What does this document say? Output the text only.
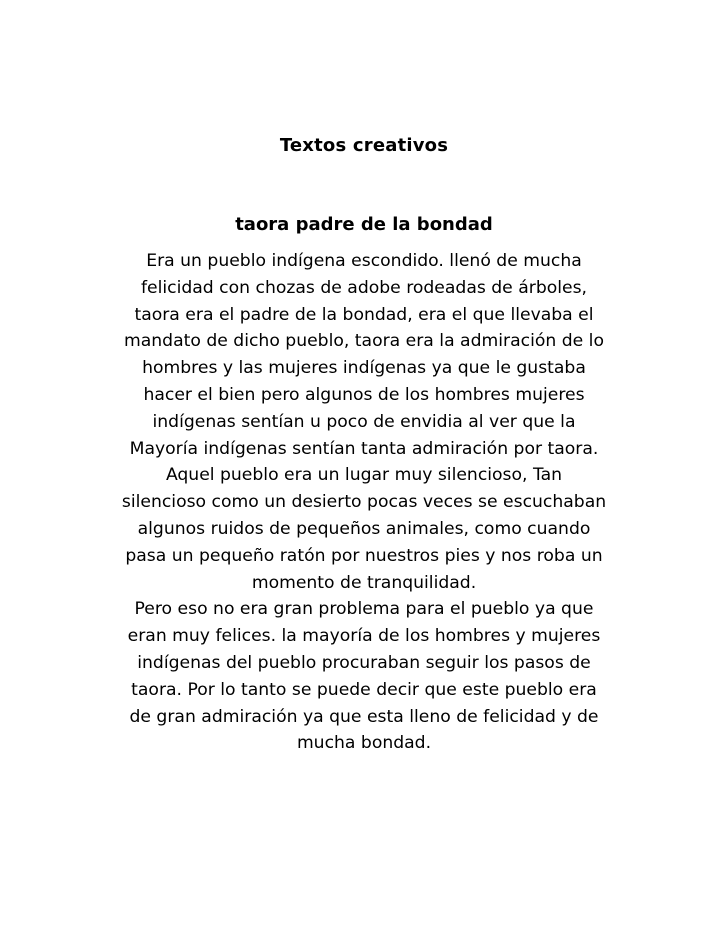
Textos creativos
taora padre de la bondad
Era un pueblo indígena escondido. llenó de mucha
felicidad con chozas de adobe rodeadas de árboles,
taora era el padre de la bondad, era el que llevaba el
mandato de dicho pueblo, taora era la admiración de lo
hombres y las mujeres indígenas ya que le gustaba
hacer el bien pero algunos de los hombres mujeres
indígenas sentían u poco de envidia al ver que la
Mayoría indígenas sentían tanta admiración por taora.
Aquel pueblo era un lugar muy silencioso, Tan
silencioso como un desierto pocas veces se escuchaban
algunos ruidos de pequeños animales, como cuando
pasa un pequeño ratón por nuestros pies y nos roba un
momento de tranquilidad.
Pero eso no era gran problema para el pueblo ya que
eran muy felices. la mayoría de los hombres y mujeres
indígenas del pueblo procuraban seguir los pasos de
taora. Por lo tanto se puede decir que este pueblo era
de gran admiración ya que esta lleno de felicidad y de
mucha bondad.
